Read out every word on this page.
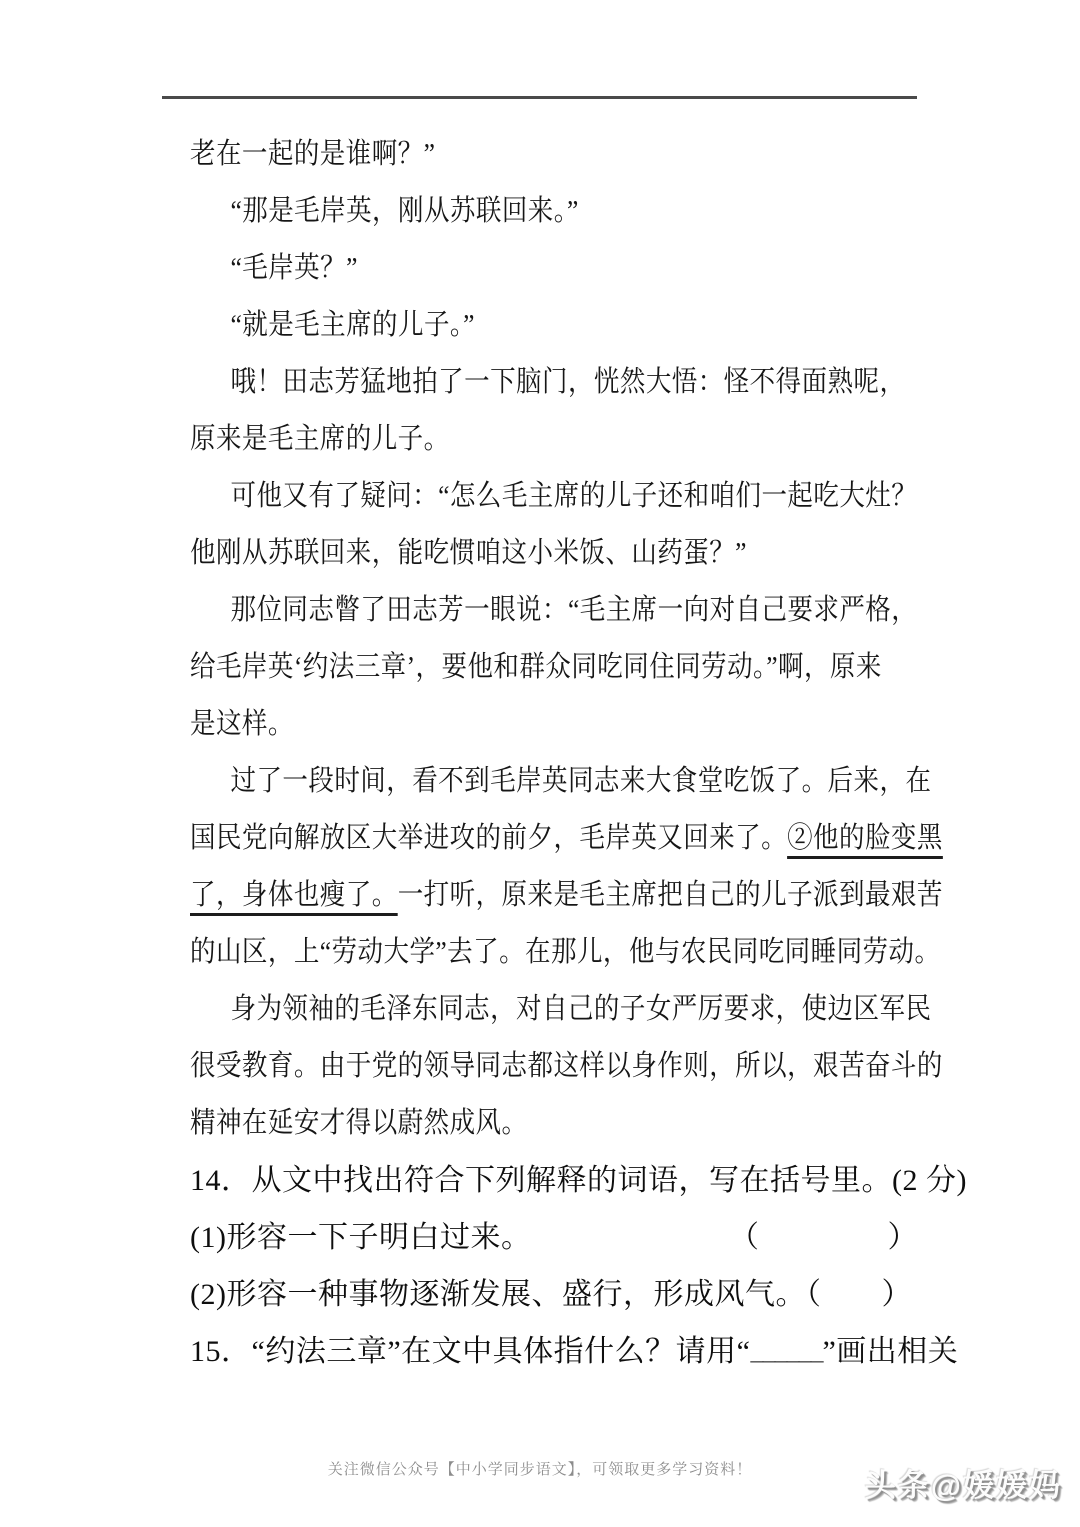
老在一起的是谁啊？”
“那是毛岸英，刚从苏联回来。”
“毛岸英？”
“就是毛主席的儿子。”
哦！田志芳猛地拍了一下脑门，恍然大悟：怪不得面熟呢，
原来是毛主席的儿子。
可他又有了疑问：“怎么毛主席的儿子还和咱们一起吃大灶？
他刚从苏联回来，能吃惯咱这小米饭、山药蛋？”
那位同志瞥了田志芳一眼说：“毛主席一向对自己要求严格，
给毛岸英‘约法三章’，要他和群众同吃同住同劳动。”啊，原来
是这样。
过了一段时间，看不到毛岸英同志来大食堂吃饭了。后来，在
国民党向解放区大举进攻的前夕，毛岸英又回来了。②他的脸变黑
了，身体也瘦了。一打听，原来是毛主席把自己的儿子派到最艰苦
的山区，上“劳动大学”去了。在那儿，他与农民同吃同睡同劳动。
身为领袖的毛泽东同志，对自己的子女严厉要求，使边区军民
很受教育。由于党的领导同志都这样以身作则，所以，艰苦奋斗的
精神在延安才得以蔚然成风。
14．从文中找出符合下列解释的词语，写在括号里。(2 分)
(1)形容一下子明白过来。	（	）
(2)形容一种事物逐渐发展、盛行，形成风气。（ ）
15．“约法三章”在文中具体指什么？请用“______”画出相关
关注微信公众号【中小学同步语文】，可领取更多学习资料！	头条@媛媛妈
